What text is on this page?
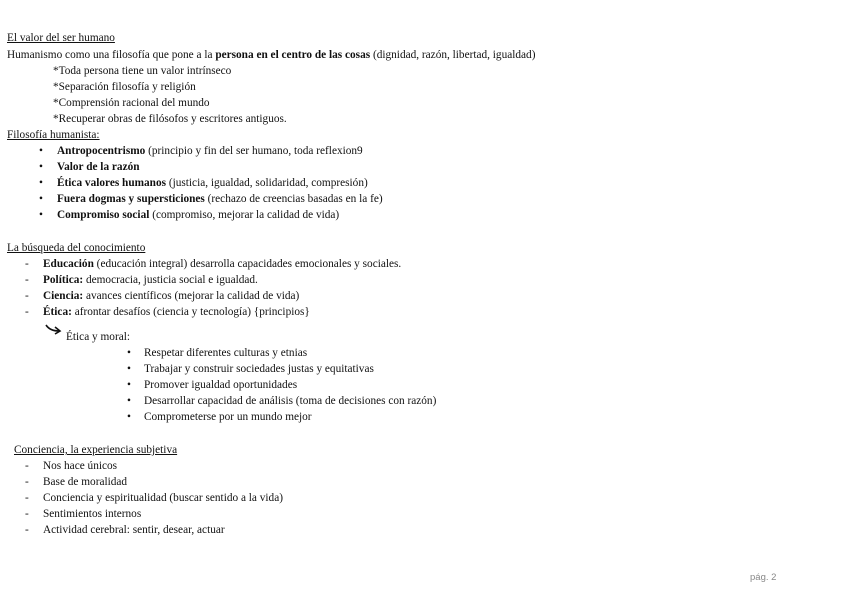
El valor del ser humano
Humanismo como una filosofía que pone a la persona en el centro de las cosas (dignidad, razón, libertad, igualdad)
*Toda persona tiene un valor intrínseco
*Separación filosofía y religión
*Comprensión racional del mundo
*Recuperar obras de filósofos y escritores antiguos.
Filosofía humanista:
• Antropocentrismo (principio y fin del ser humano, toda reflexion9
• Valor de la razón
• Ética valores humanos (justicia, igualdad, solidaridad, compresión)
• Fuera dogmas y supersticiones (rechazo de creencias basadas en la fe)
• Compromiso social (compromiso, mejorar la calidad de vida)
La búsqueda del conocimiento
- Educación (educación integral) desarrolla capacidades emocionales y sociales.
- Política: democracia, justicia social e igualdad.
- Ciencia: avances científicos (mejorar la calidad de vida)
- Ética: afrontar desafíos (ciencia y tecnología) {principios}
Ética y moral:
• Respetar diferentes culturas y etnias
• Trabajar y construir sociedades justas y equitativas
• Promover igualdad oportunidades
• Desarrollar capacidad de análisis (toma de decisiones con razón)
• Comprometerse por un mundo mejor
Conciencia, la experiencia subjetiva
- Nos hace únicos
- Base de moralidad
- Conciencia y espiritualidad (buscar sentido a la vida)
- Sentimientos internos
- Actividad cerebral: sentir, desear, actuar
pág. 2
